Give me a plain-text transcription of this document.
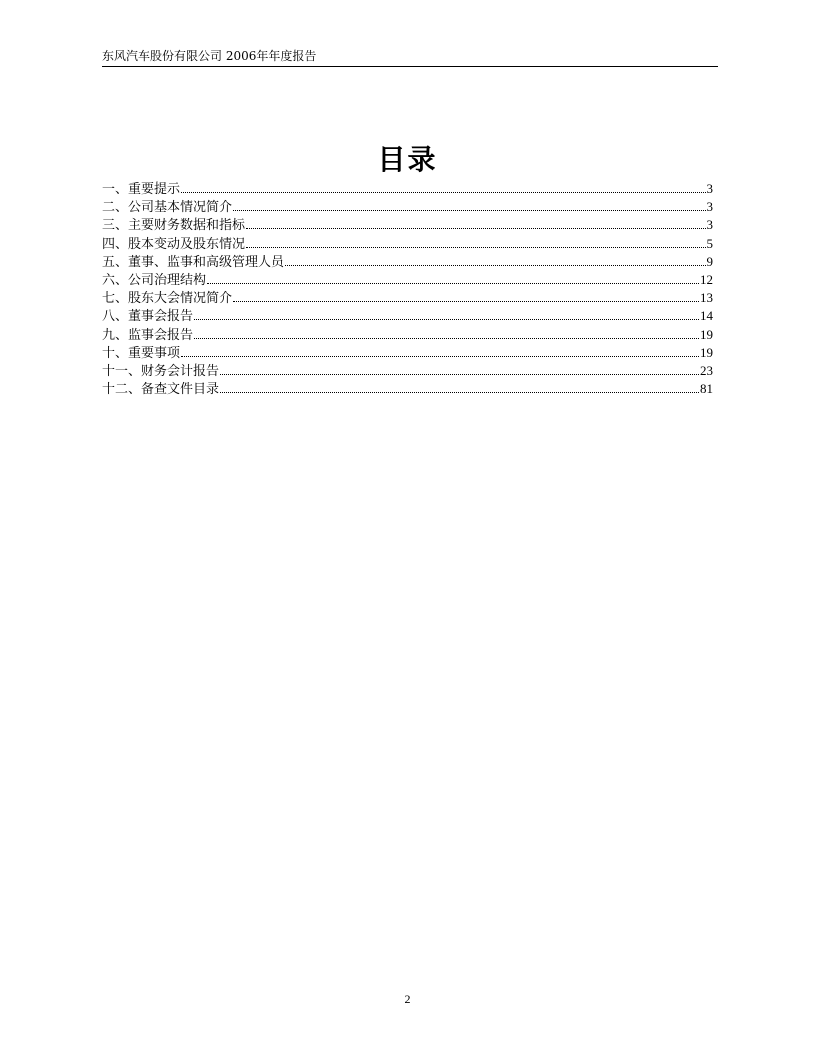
东风汽车股份有限公司 2006年年度报告
目录
一、重要提示	3
二、公司基本情况简介	3
三、主要财务数据和指标	3
四、股本变动及股东情况	5
五、董事、监事和高级管理人员	9
六、公司治理结构	12
七、股东大会情况简介	13
八、董事会报告	14
九、监事会报告	19
十、重要事项	19
十一、财务会计报告	23
十二、备查文件目录	81
2
